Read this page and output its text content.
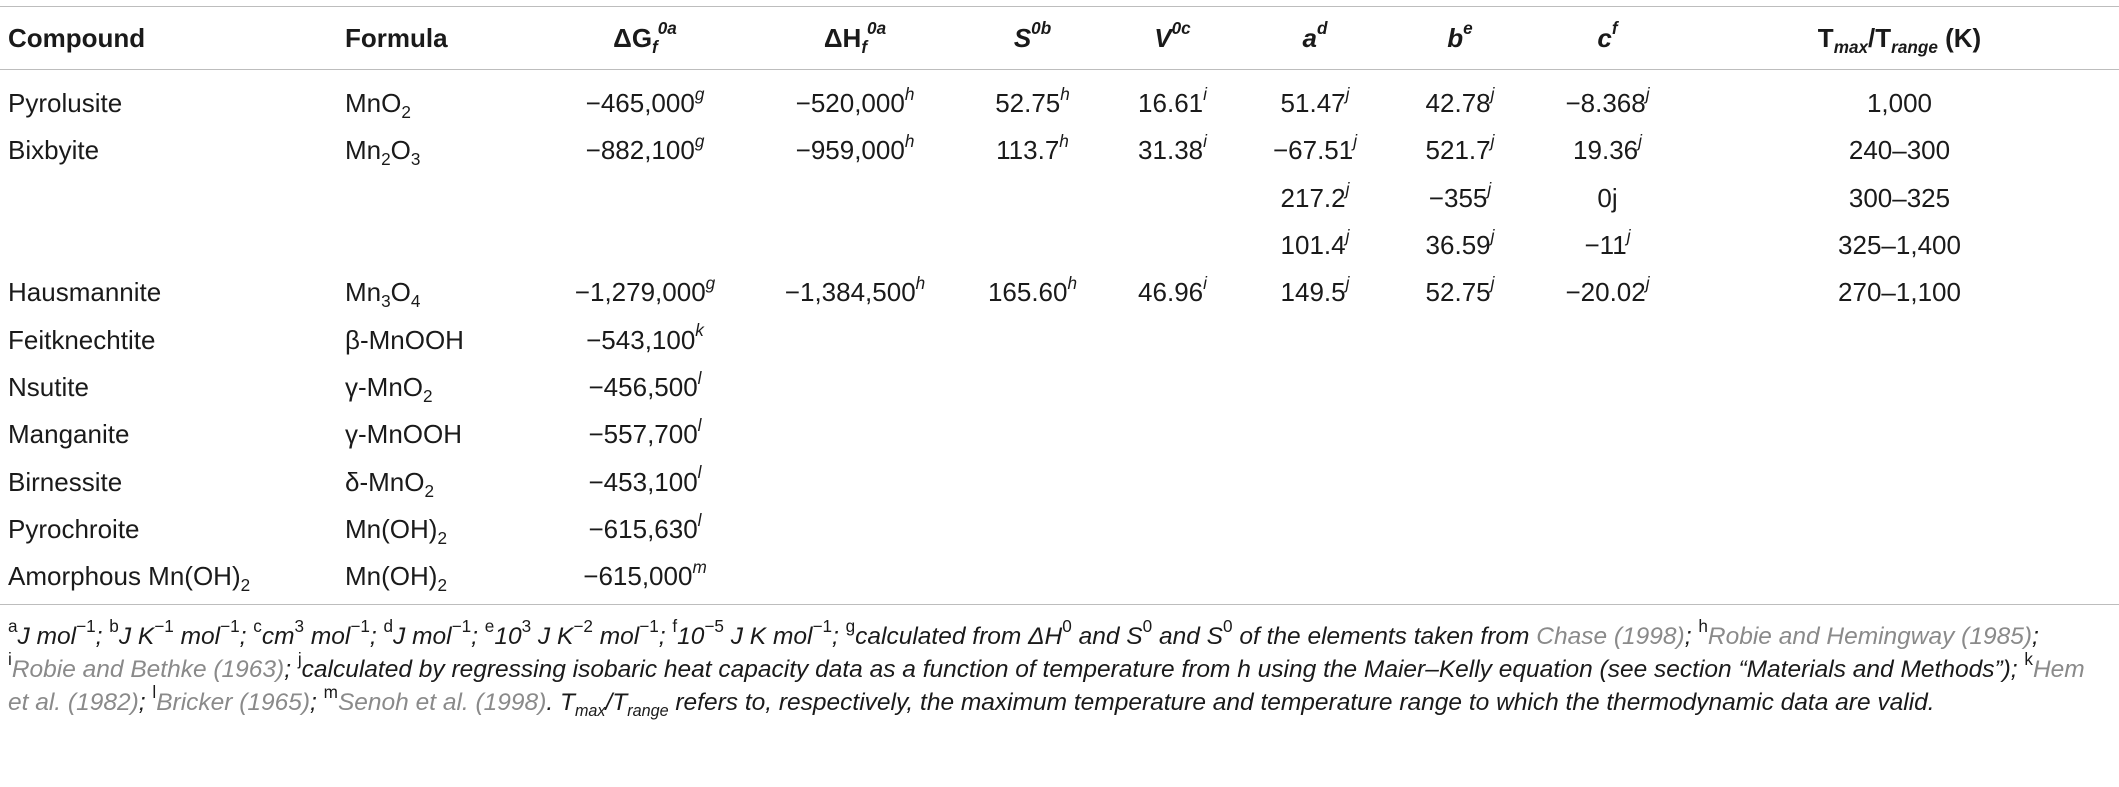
Compound	Formula	$\Delta G_f^{0a}$	$\Delta H_f^{0a}$	$S^{0b}$	$V^{0c}$	$a^d$	$b^e$	$c^f$	$T_{max}/T_{range}$ (K)
Pyrolusite	MnO$_2$	−465,000$^g$	−520,000$^h$	52.75$^h$	16.61$^i$	51.47$^j$	$42.78^j$	$-8.368^j$	1,000
Bixbyite	$Mn_2O_3$	−882,100$^g$	−959,000$^h$	113.7$^h$	$31.38^i$	$-67.51^j$	521.7$^j$	19.36$^j$	240–300
						$217.2^j$	$-355^j$	0j	300–325
						101.4$^j$	$36.59^j$	$-11^j$	325–1,400
Hausmannite	$Mn_3O_4$	−1,279,000$^g$	−1,384,500$^h$	165.60$^h$	46.96$^i$	149.5$^j$	$52.75^j$	$-20.02^j$	270–1,100
Feitknechtite	β-MnOOH	$-543,100^k$							
Nsutite	γ-MnO$_2$	$-456,500^l$							
Manganite	γ-MnOOH	$-557,700^l$							
Birnessite	δ-MnO$_2$	$-453,100^l$							
Pyrochroite	$Mn(OH)_2$	$-615,630^l$							
Amorphous $Mn(OH)_2$	$Mn(OH)_2$	$-615,000^m$							
$^a$J mol$^{-1}$; $^b$J $K^{-1}$ mol$^{-1}$; $^ccm^3$ mol$^{-1}$; $^d$J mol$^{-1}$; $^e10^3$ J $K^{-2}$ mol$^{-1}$; $^f10^{-5}$ J K mol$^{-1}$; $^g$calculated from $\Delta H^0$ and $S^0$ and $S^0$ of the elements taken from Chase (1998); $^h$Robie and Hemingway (1985); $^i$Robie and Bethke (1963); $^j$calculated by regressing isobaric heat capacity data as a function of temperature from h using the Maier–Kelly equation (see section “Materials and Methods”); $^k$Hem et al. (1982); $^l$Bricker (1965); $^m$Senoh et al. (1998). $T_{max}/T_{range}$ refers to, respectively, the maximum temperature and temperature range to which the thermodynamic data are valid.
